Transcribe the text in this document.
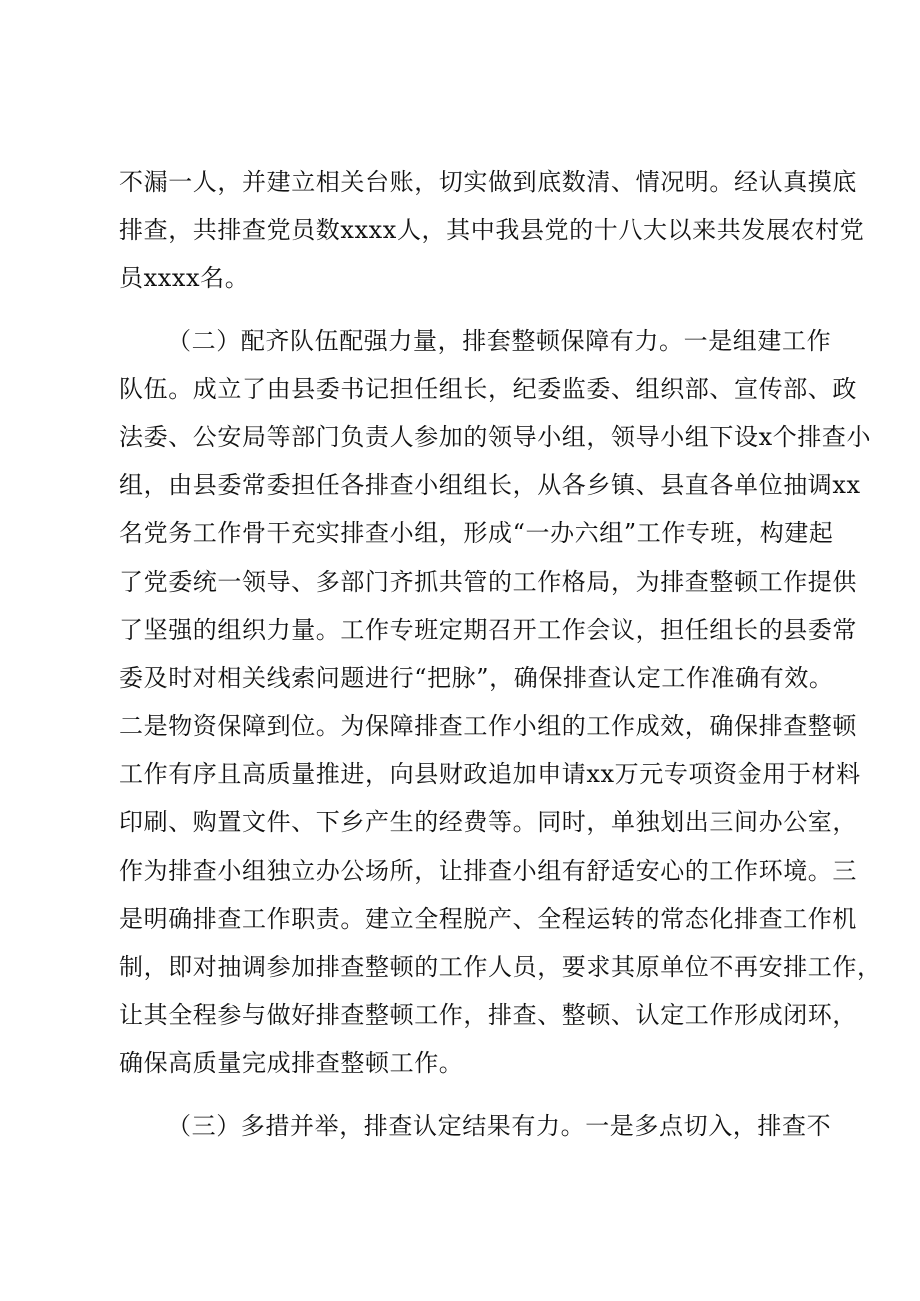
不漏一人，并建立相关台账，切实做到底数清、情况明。经认真摸底
排查，共排查党员数xxxx人，其中我县党的十八大以来共发展农村党
员xxxx名。
（二）配齐队伍配强力量，排套整顿保障有力。一是组建工作
队伍。成立了由县委书记担任组长，纪委监委、组织部、宣传部、政
法委、公安局等部门负责人参加的领导小组，领导小组下设x个排查小
组，由县委常委担任各排查小组组长，从各乡镇、县直各单位抽调xx
名党务工作骨干充实排查小组，形成“一办六组”工作专班，构建起
了党委统一领导、多部门齐抓共管的工作格局，为排查整顿工作提供
了坚强的组织力量。工作专班定期召开工作会议，担任组长的县委常
委及时对相关线索问题进行“把脉”，确保排查认定工作准确有效。
二是物资保障到位。为保障排查工作小组的工作成效，确保排查整顿
工作有序且高质量推进，向县财政追加申请xx万元专项资金用于材料
印刷、购置文件、下乡产生的经费等。同时，单独划出三间办公室，
作为排查小组独立办公场所，让排查小组有舒适安心的工作环境。三
是明确排查工作职责。建立全程脱产、全程运转的常态化排查工作机
制，即对抽调参加排查整顿的工作人员，要求其原单位不再安排工作，
让其全程参与做好排查整顿工作，排查、整顿、认定工作形成闭环，
确保高质量完成排查整顿工作。
（三）多措并举，排查认定结果有力。一是多点切入，排查不
